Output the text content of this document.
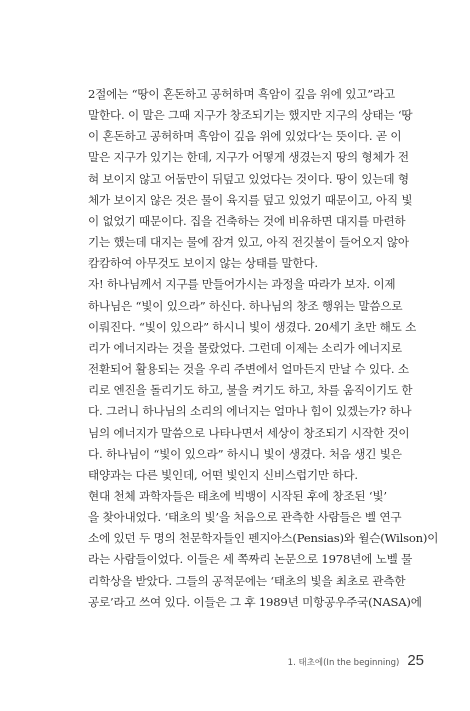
2절에는 “땅이 혼돈하고 공허하며 흑암이 깊음 위에 있고”라고
말한다. 이 말은 그때 지구가 창조되기는 했지만 지구의 상태는 ‘땅
이 혼돈하고 공허하며 흑암이 깊음 위에 있었다’는 뜻이다. 곧 이
말은 지구가 있기는 한데, 지구가 어떻게 생겼는지 땅의 형체가 전
혀 보이지 않고 어둠만이 뒤덮고 있었다는 것이다. 땅이 있는데 형
체가 보이지 않은 것은 물이 육지를 덮고 있었기 때문이고, 아직 빛
이 없었기 때문이다. 집을 건축하는 것에 비유하면 대지를 마련하
기는 했는데 대지는 물에 잠겨 있고, 아직 전깃불이 들어오지 않아
캄캄하여 아무것도 보이지 않는 상태를 말한다.

자! 하나님께서 지구를 만들어가시는 과정을 따라가 보자. 이제
하나님은 “빛이 있으라” 하신다. 하나님의 창조 행위는 말씀으로
이뤄진다. “빛이 있으라” 하시니 빛이 생겼다. 20세기 초만 해도 소
리가 에너지라는 것을 몰랐었다. 그런데 이제는 소리가 에너지로
전환되어 활용되는 것을 우리 주변에서 얼마든지 만날 수 있다. 소
리로 엔진을 돌리기도 하고, 불을 켜기도 하고, 차를 움직이기도 한
다. 그러니 하나님의 소리의 에너지는 얼마나 힘이 있겠는가? 하나
님의 에너지가 말씀으로 나타나면서 세상이 창조되기 시작한 것이
다. 하나님이 “빛이 있으라” 하시니 빛이 생겼다. 처음 생긴 빛은
태양과는 다른 빛인데, 어떤 빛인지 신비스럽기만 하다.

현대 천체 과학자들은 태초에 빅뱅이 시작된 후에 창조된 ‘빛’
을 찾아내었다. ‘태초의 빛’을 처음으로 관측한 사람들은 벨 연구
소에 있던 두 명의 천문학자들인 펜지아스(Pensias)와 윌슨(Wilson)이
라는 사람들이었다. 이들은 세 쪽짜리 논문으로 1978년에 노벨 물
리학상을 받았다. 그들의 공적문에는 ‘태초의 빛을 최초로 관측한
공로’라고 쓰여 있다. 이들은 그 후 1989년 미항공우주국(NASA)에

1. 태초에(In the beginning) 25
